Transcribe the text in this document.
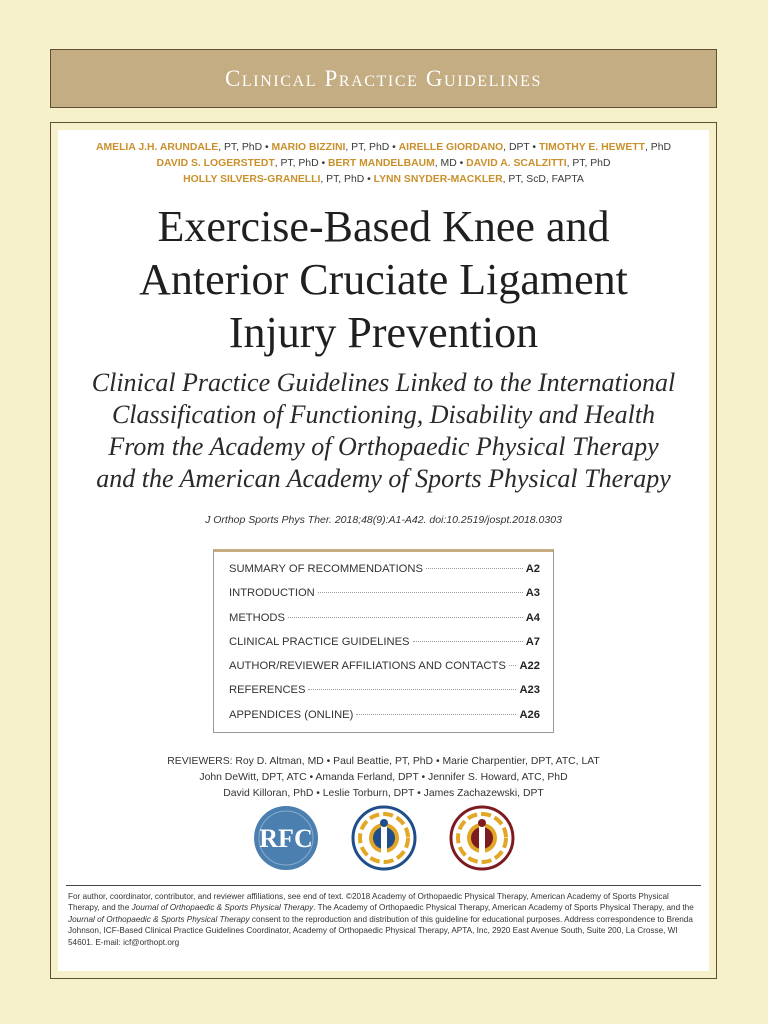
Clinical Practice Guidelines
AMELIA J.H. ARUNDALE, PT, PhD • MARIO BIZZINI, PT, PhD • AIRELLE GIORDANO, DPT • TIMOTHY E. HEWETT, PhD
DAVID S. LOGERSTEDT, PT, PhD • BERT MANDELBAUM, MD • DAVID A. SCALZITTI, PT, PhD
HOLLY SILVERS-GRANELLI, PT, PhD • LYNN SNYDER-MACKLER, PT, ScD, FAPTA
Exercise-Based Knee and
Anterior Cruciate Ligament
Injury Prevention
Clinical Practice Guidelines Linked to the International
Classification of Functioning, Disability and Health
From the Academy of Orthopaedic Physical Therapy
and the American Academy of Sports Physical Therapy
J Orthop Sports Phys Ther. 2018;48(9):A1-A42. doi:10.2519/jospt.2018.0303
SUMMARY OF RECOMMENDATIONS	A2
INTRODUCTION	A3
METHODS	A4
CLINICAL PRACTICE GUIDELINES	A7
AUTHOR/REVIEWER AFFILIATIONS AND CONTACTS A22
REFERENCES	A23
APPENDICES (ONLINE)	A26
REVIEWERS: Roy D. Altman, MD • Paul Beattie, PT, PhD • Marie Charpentier, DPT, ATC, LAT
John DeWitt, DPT, ATC • Amanda Ferland, DPT • Jennifer S. Howard, ATC, PhD
David Killoran, PhD • Leslie Torburn, DPT • James Zachazewski, DPT
RFC
For author, coordinator, contributor, and reviewer affiliations, see end of text. ©2018 Academy of Orthopaedic Physical Therapy, American Academy of Sports Physical Therapy, and the Journal of Orthopaedic & Sports Physical Therapy. The Academy of Orthopaedic Physical Therapy, American Academy of Sports Physical Therapy, and the Journal of Orthopaedic & Sports Physical Therapy consent to the reproduction and distribution of this guideline for educational purposes. Address correspondence to Brenda Johnson, ICF-Based Clinical Practice Guidelines Coordinator, Academy of Orthopaedic Physical Therapy, APTA, Inc, 2920 East Avenue South, Suite 200, La Crosse, WI 54601. E-mail: icf@orthopt.org
